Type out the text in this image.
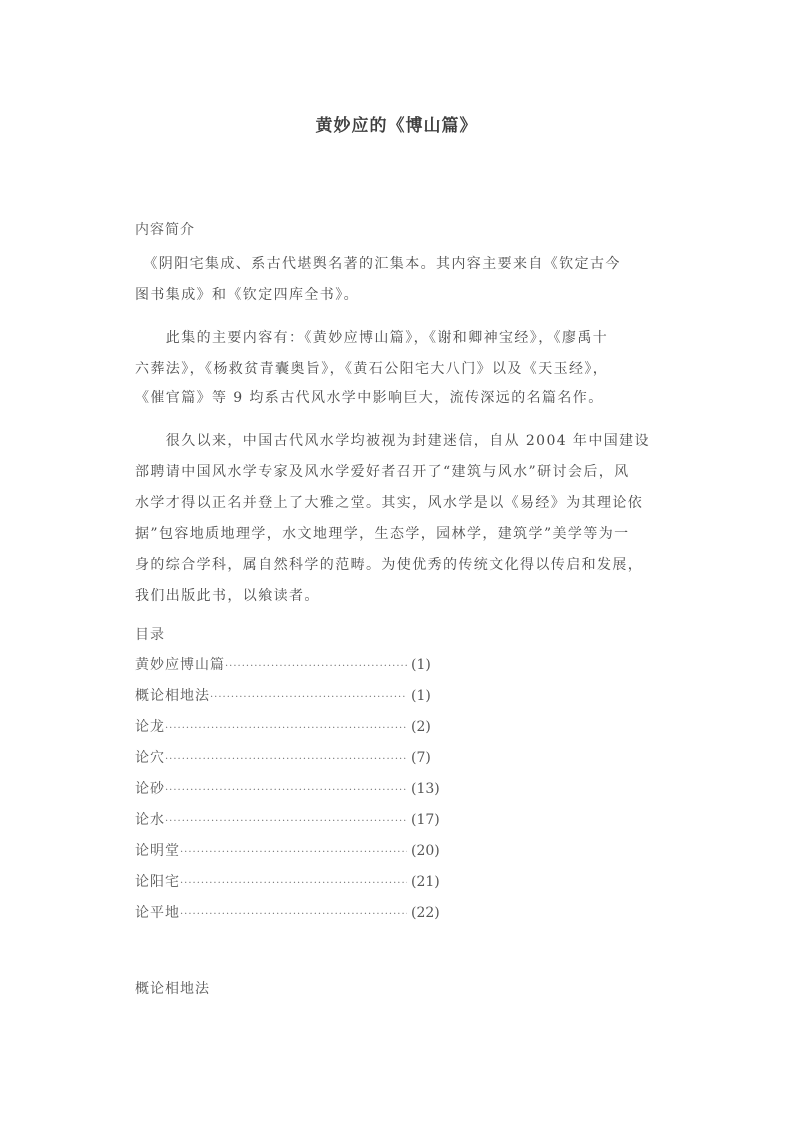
黄妙应的《博山篇》
内容简介
　《阴阳宅集成、系古代堪舆名著的汇集本。其内容主要来自《钦定古今
图书集成》和《钦定四库全书》。
　　此集的主要内容有：《黄妙应博山篇》，《谢和卿神宝经》，《廖禹十
六葬法》，《杨救贫青囊奥旨》，《黄石公阳宅大八门》以及《天玉经》，
《催官篇》等 9 均系古代风水学中影响巨大，流传深远的名篇名作。
　　很久以来，中国古代风水学均被视为封建迷信，自从 2004 年中国建设
部聘请中国风水学专家及风水学爱好者召开了“建筑与风水”研讨会后，风
水学才得以正名并登上了大雅之堂。其实，风水学是以《易经》为其理论依
据”包容地质地理学，水文地理学，生态学，园林学，建筑学”美学等为一
身的综合学科，属自然科学的范畴。为使优秀的传统文化得以传启和发展，
我们出版此书，以飨读者。
目录
黄妙应博山篇 ·····	(1)
概论相地法 ·····	(1)
论龙 ·····	(2)
论穴 ·····	(7)
论砂 ·····	(13)
论水 ·····	(17)
论明堂 ·····	(20)
论阳宅 ·····	(21)
论平地 ·····	(22)
概论相地法
